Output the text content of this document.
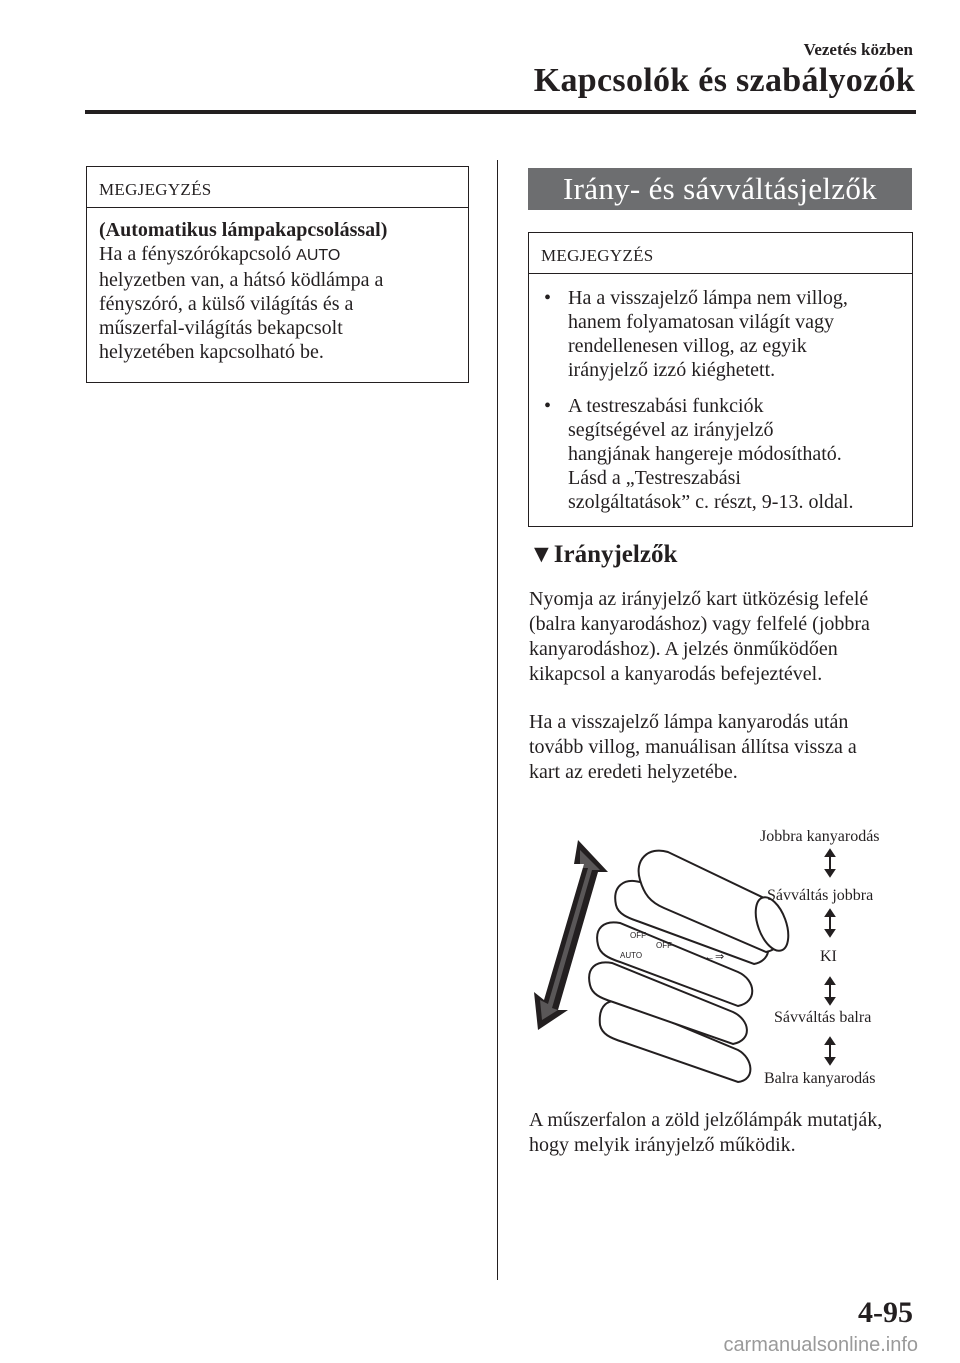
Vezetés közben
Kapcsolók és szabályozók
MEGJEGYZÉS
(Automatikus lámpakapcsolással)
Ha a fényszórókapcsoló AUTO
helyzetben van, a hátsó ködlámpa a
fényszóró, a külső világítás és a
műszerfal-világítás bekapcsolt
helyzetében kapcsolható be.
Irány- és sávváltásjelzők
MEGJEGYZÉS
• Ha a visszajelző lámpa nem villog,
hanem folyamatosan világít vagy
rendellenesen villog, az egyik
irányjelző izzó kiéghetett.
• A testreszabási funkciók
segítségével az irányjelző
hangjának hangereje módosítható.
Lásd a „Testreszabási
szolgáltatások” c. részt, 9-13. oldal.
▼Irányjelzők
Nyomja az irányjelző kart ütközésig lefelé
(balra kanyarodáshoz) vagy felfelé (jobbra
kanyarodáshoz). A jelzés önműködően
kikapcsol a kanyarodás befejeztével.
Ha a visszajelző lámpa kanyarodás után
tovább villog, manuálisan állítsa vissza a
kart az eredeti helyzetébe.
OFF
OFF
AUTO	←⇒
Jobbra kanyarodás
Sávváltás jobbra
KI
Sávváltás balra
Balra kanyarodás
A műszerfalon a zöld jelzőlámpák mutatják,
hogy melyik irányjelző működik.
4-95
carmanualsonline.info
